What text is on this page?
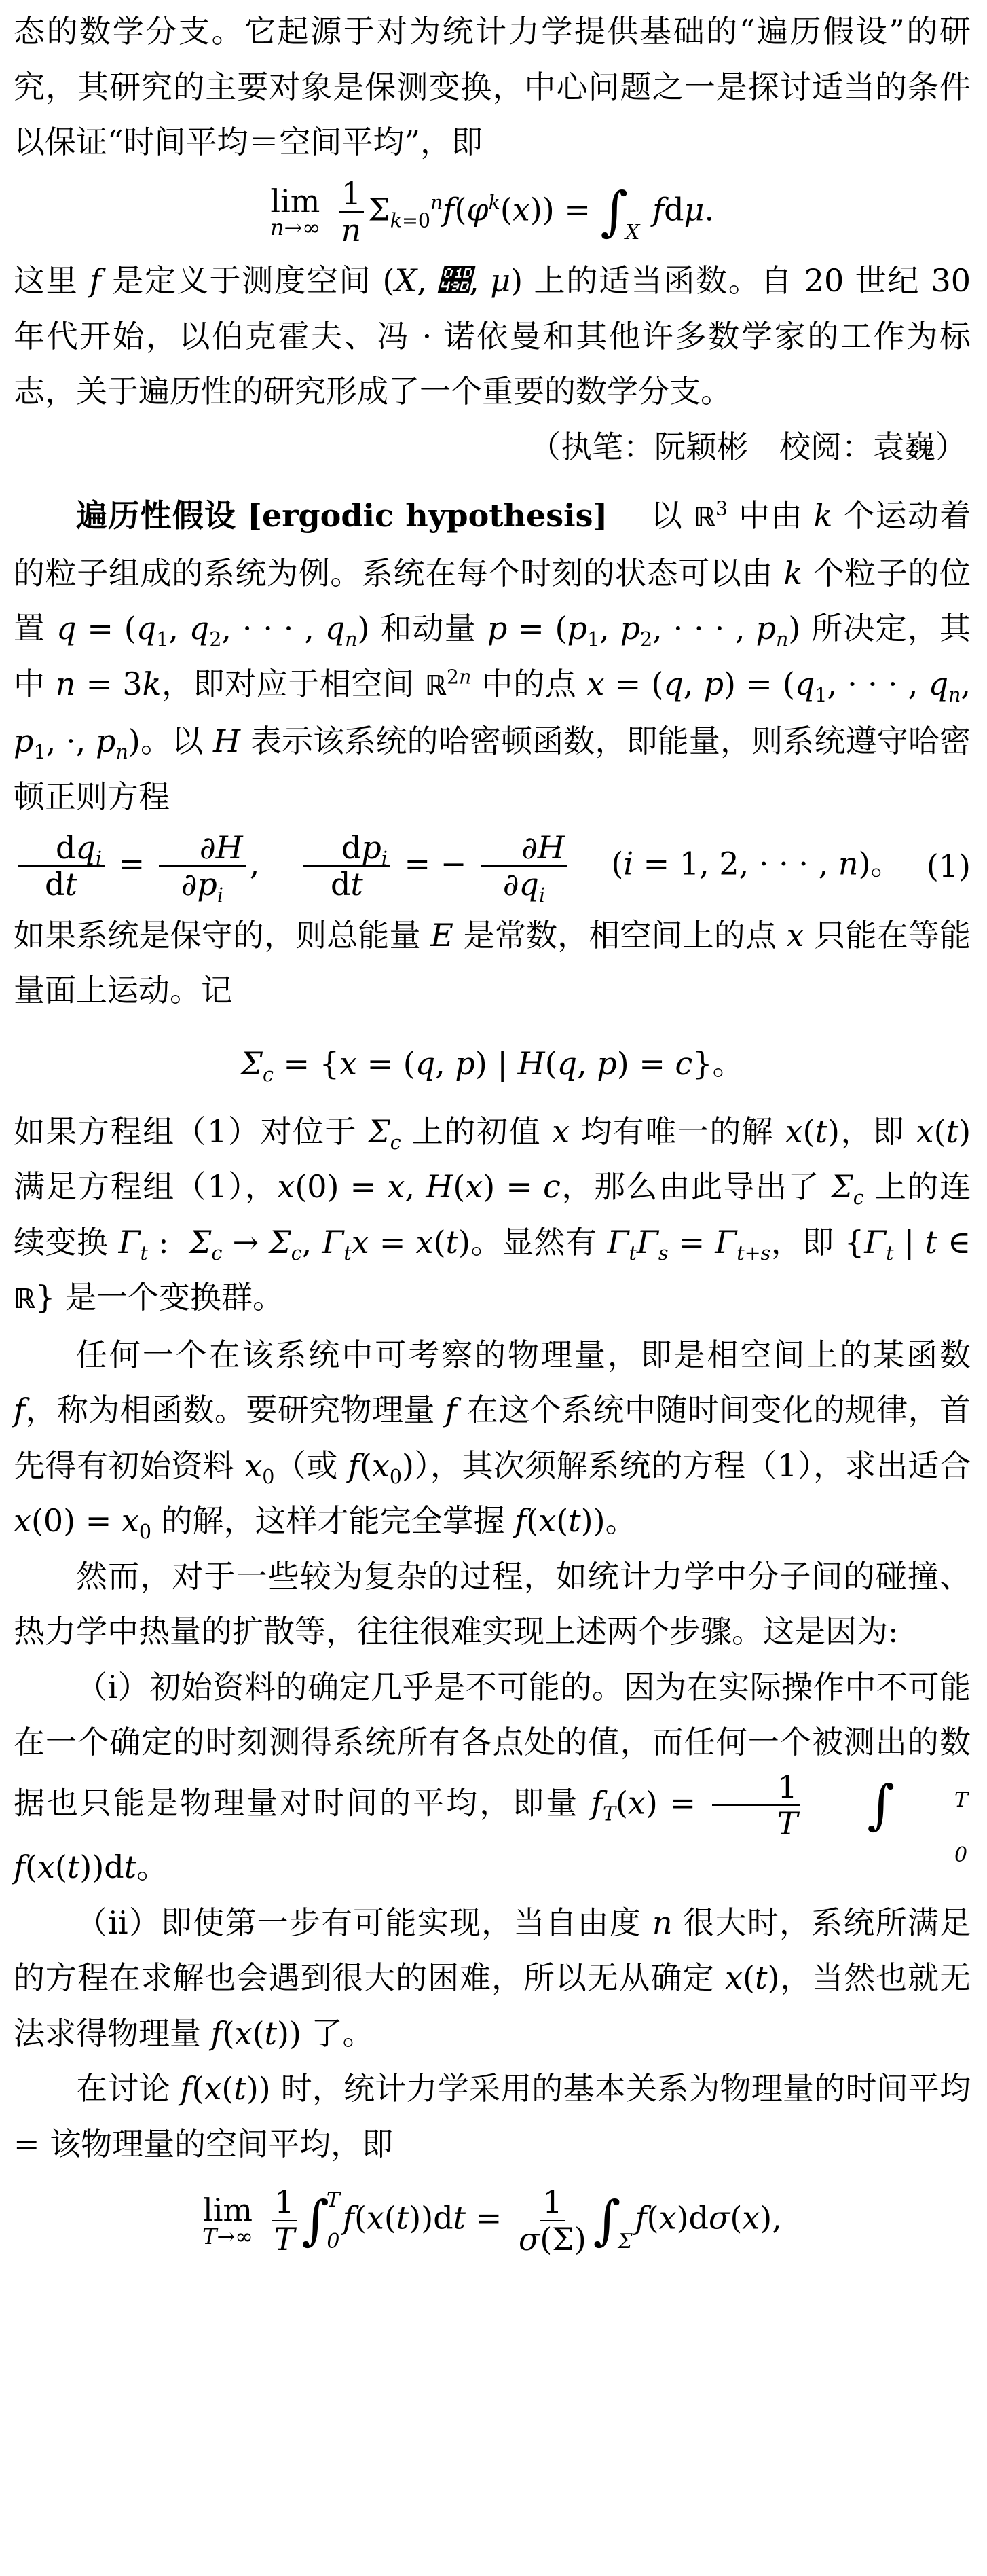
态的数学分支。它起源于对为统计力学提供基础的“遍历假设”的研究，其研究的主要对象是保测变换，中心问题之一是探讨适当的条件以保证“时间平均＝空间平均”，即

lim
n→∞
$\frac{1}{n} \Sigma_{k=0}^nf(\varphi^k(x))$ = ∫

X
fdμ.

这里 f 是定义于测度空间 (X, 𝒝, μ) 上的适当函数。自 20 世纪 30 年代开始，以伯克霍夫、冯 · 诺依曼和其他许多数学家的工作为标志，关于遍历性的研究形成了一个重要的数学分支。

（执笔：阮颖彬　校阅：袁巍）

遍历性假设 [ergodic hypothesis] 以 ℝ$^3$ 中由 k 个运动着的粒子组成的系统为例。系统在每个时刻的状态可以由 k 个粒子的位置 $q = (q_1$, $q_2$, · · · , $q_n$) 和动量 $p = (p_1$, $p_2$, · · · , $p_n$) 所决定，其中 n = 3k，即对应于相空间 ℝ$^{2n}$ 中的点 x = (q, $p) = (q_1$, · · · , $q_n$, $p_1$, ·, $p_n$)。以 H 表示该系统的哈密顿函数，即能量，则系统遵守哈密顿正则方程

$\frac{dq_i}{dt} = \frac{\partial H}{\partial p_i}$ , $\frac{dp_i}{dt}$ = − $\frac{\partial H}{\partial q_i} (i = 1$, 2, · · · , n)。 (1)

如果系统是保守的，则总能量 E 是常数，相空间上的点 x 只能在等能量面上运动。记

$\Sigma_c = \{x = (q$, p) | H(q, p) = c}。

如果方程组（1）对位于 $\Sigma_c$ 上的初值 x 均有唯一的解 x(t)，即 x(t) 满足方程组（1），x(0) = x, H(x) = c，那么由此导出了 $\Sigma_c$ 上的连续变换 $\Gamma_t$ :  $\Sigma_c \to \Sigma_c$, $\Gamma_tx = x(t)$。显然有 $\Gamma_t\Gamma_s = \Gamma_{t+s}$，即 {$\Gamma_t$ | t ∈ ℝ} 是一个变换群。

任何一个在该系统中可考察的物理量，即是相空间上的某函数 f，称为相函数。要研究物理量 f 在这个系统中随时间变化的规律，首先得有初始资料 $x_0$（或 $f(x_0)$），其次须解系统的方程（1），求出适合 $x(0) = x_0$ 的解，这样才能完全掌握 f(x(t))。

然而，对于一些较为复杂的过程，如统计力学中分子间的碰撞、热力学中热量的扩散等，往往很难实现上述两个步骤。这是因为:

（i）初始资料的确定几乎是不可能的。因为在实际操作中不可能在一个确定的时刻测得系统所有各点处的值，而任何一个被测出的数据也只能是物理量对时间的平均，即量 $f_T(x) = \frac{1}{T}$	∫	T
0
f(x(t))dt。

（ii）即使第一步有可能实现，当自由度 n 很大时，系统所满足的方程在求解也会遇到很大的困难，所以无从确定 x(t)，当然也就无法求得物理量 f(x(t)) 了。

在讨论 f(x(t)) 时，统计力学采用的基本关系为物理量的时间平均 = 该物理量的空间平均，即

lim
T→∞
$\frac{1}{T}$ ∫
T
0
$f(x(t))dt = \frac{1}{\sigma(\Sigma)}$ ∫

Σ
f(x)dσ(x),
